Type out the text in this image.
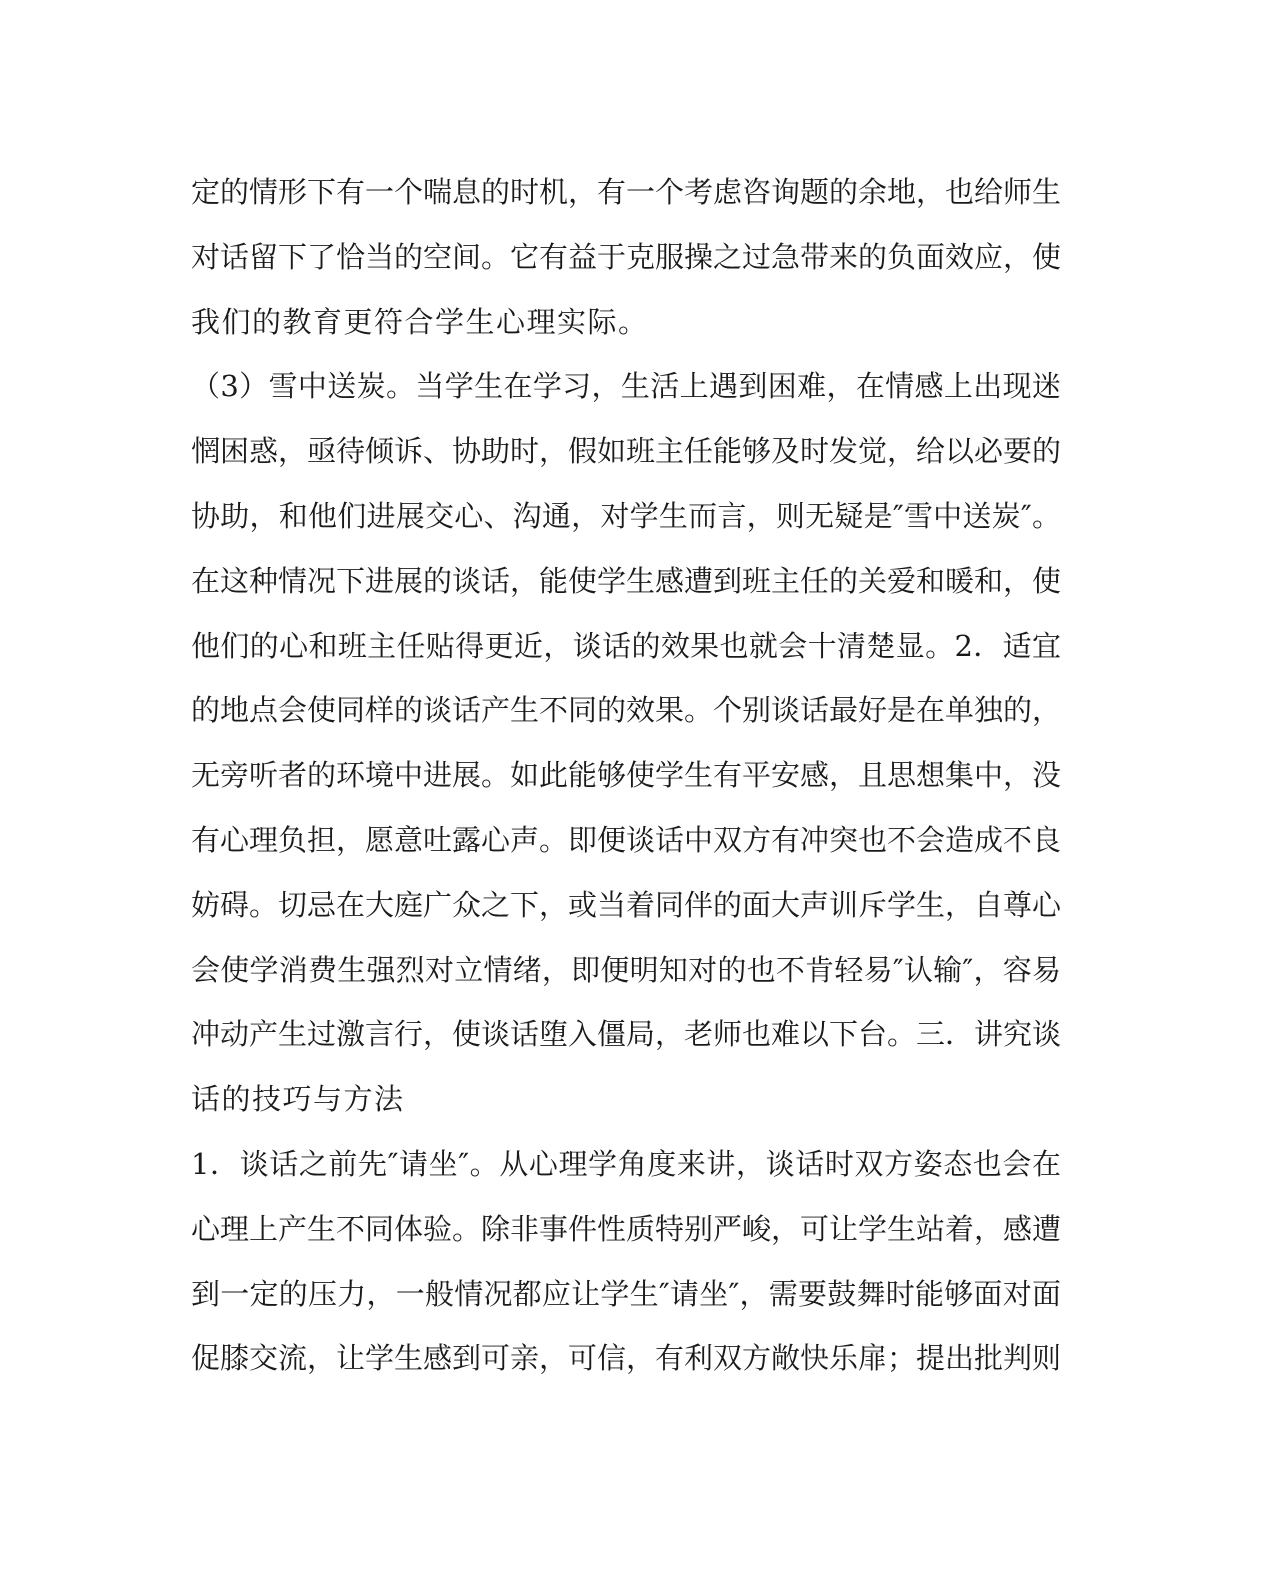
定的情形下有一个喘息的时机，有一个考虑咨询题的余地，也给师生
对话留下了恰当的空间。它有益于克服操之过急带来的负面效应，使
我们的教育更符合学生心理实际。
（3）雪中送炭。当学生在学习，生活上遇到困难，在情感上出现迷
惘困惑，亟待倾诉、协助时，假如班主任能够及时发觉，给以必要的
协助，和他们进展交心、沟通，对学生而言，则无疑是″雪中送炭″。
在这种情况下进展的谈话，能使学生感遭到班主任的关爱和暖和，使
他们的心和班主任贴得更近，谈话的效果也就会十清楚显。2．适宜
的地点会使同样的谈话产生不同的效果。个别谈话最好是在单独的，
无旁听者的环境中进展。如此能够使学生有平安感，且思想集中，没
有心理负担，愿意吐露心声。即便谈话中双方有冲突也不会造成不良
妨碍。切忌在大庭广众之下，或当着同伴的面大声训斥学生，自尊心
会使学消费生强烈对立情绪，即便明知对的也不肯轻易″认输″，容易
冲动产生过激言行，使谈话堕入僵局，老师也难以下台。三．讲究谈
话的技巧与方法
1．谈话之前先″请坐″。从心理学角度来讲，谈话时双方姿态也会在
心理上产生不同体验。除非事件性质特别严峻，可让学生站着，感遭
到一定的压力，一般情况都应让学生″请坐″，需要鼓舞时能够面对面
促膝交流，让学生感到可亲，可信，有利双方敞快乐扉；提出批判则
